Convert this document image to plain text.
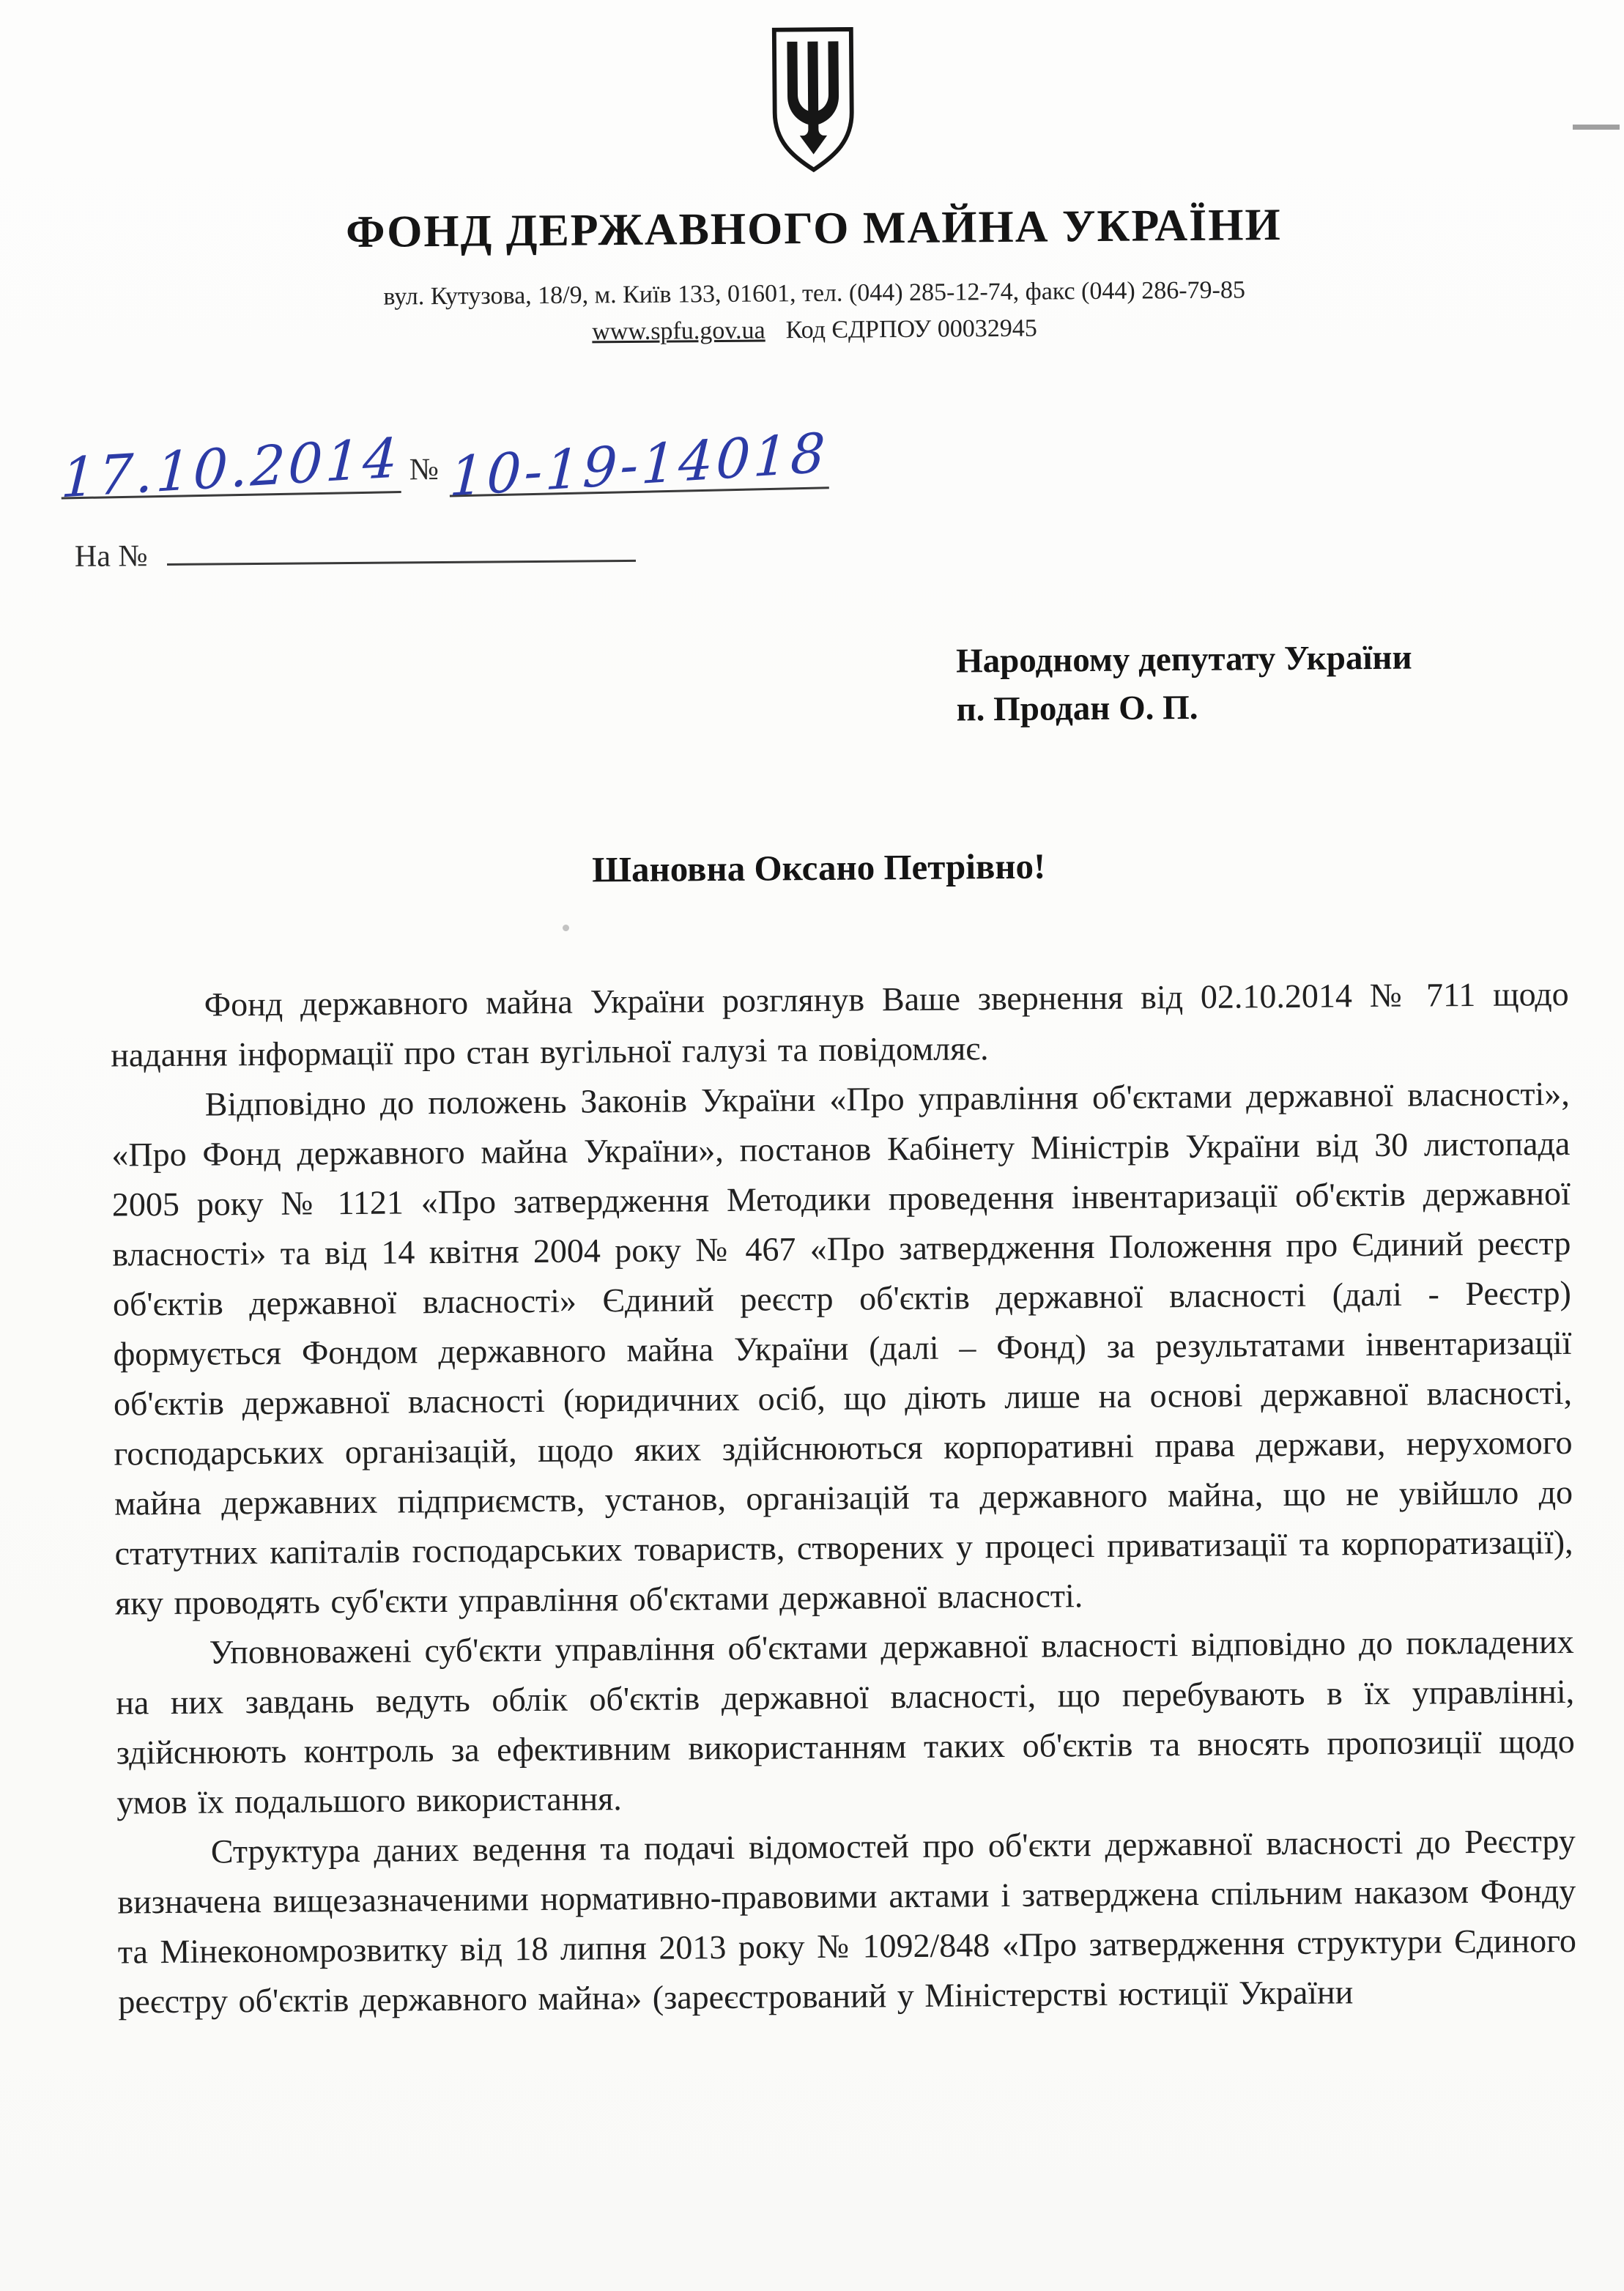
ФОНД ДЕРЖАВНОГО МАЙНА УКРАЇНИ
вул. Кутузова, 18/9, м. Київ 133, 01601, тел. (044) 285-12-74, факс (044) 286-79-85
www.spfu.gov.ua Код ЄДРПОУ 00032945
17.10.2014 № 10-19-14018
На №
Народному депутату України
п. Продан О. П.
Шановна Оксано Петрівно!

Фонд державного майна України розглянув Ваше звернення від 02.10.2014 № 711 щодо надання інформації про стан вугільної галузі та повідомляє.

Відповідно до положень Законів України «Про управління об'єктами державної власності», «Про Фонд державного майна України», постанов Кабінету Міністрів України від 30 листопада 2005 року № 1121 «Про затвердження Методики проведення інвентаризації об'єктів державної власності» та від 14 квітня 2004 року № 467 «Про затвердження Положення про Єдиний реєстр об'єктів державної власності» Єдиний реєстр об'єктів державної власності (далі - Реєстр) формується Фондом державного майна України (далі – Фонд) за результатами інвентаризації об'єктів державної власності (юридичних осіб, що діють лише на основі державної власності, господарських організацій, щодо яких здійснюються корпоративні права держави, нерухомого майна державних підприємств, установ, організацій та державного майна, що не увійшло до статутних капіталів господарських товариств, створених у процесі приватизації та корпоратизації), яку проводять суб'єкти управління об'єктами державної власності.

Уповноважені суб'єкти управління об'єктами державної власності відповідно до покладених на них завдань ведуть облік об'єктів державної власності, що перебувають в їх управлінні, здійснюють контроль за ефективним використанням таких об'єктів та вносять пропозиції щодо умов їх подальшого використання.

Структура даних ведення та подачі відомостей про об'єкти державної власності до Реєстру визначена вищезазначеними нормативно-правовими актами і затверджена спільним наказом Фонду та Мінекономрозвитку від 18 липня 2013 року № 1092/848 «Про затвердження структури Єдиного реєстру об'єктів державного майна» (зареєстрований у Міністерстві юстиції України
